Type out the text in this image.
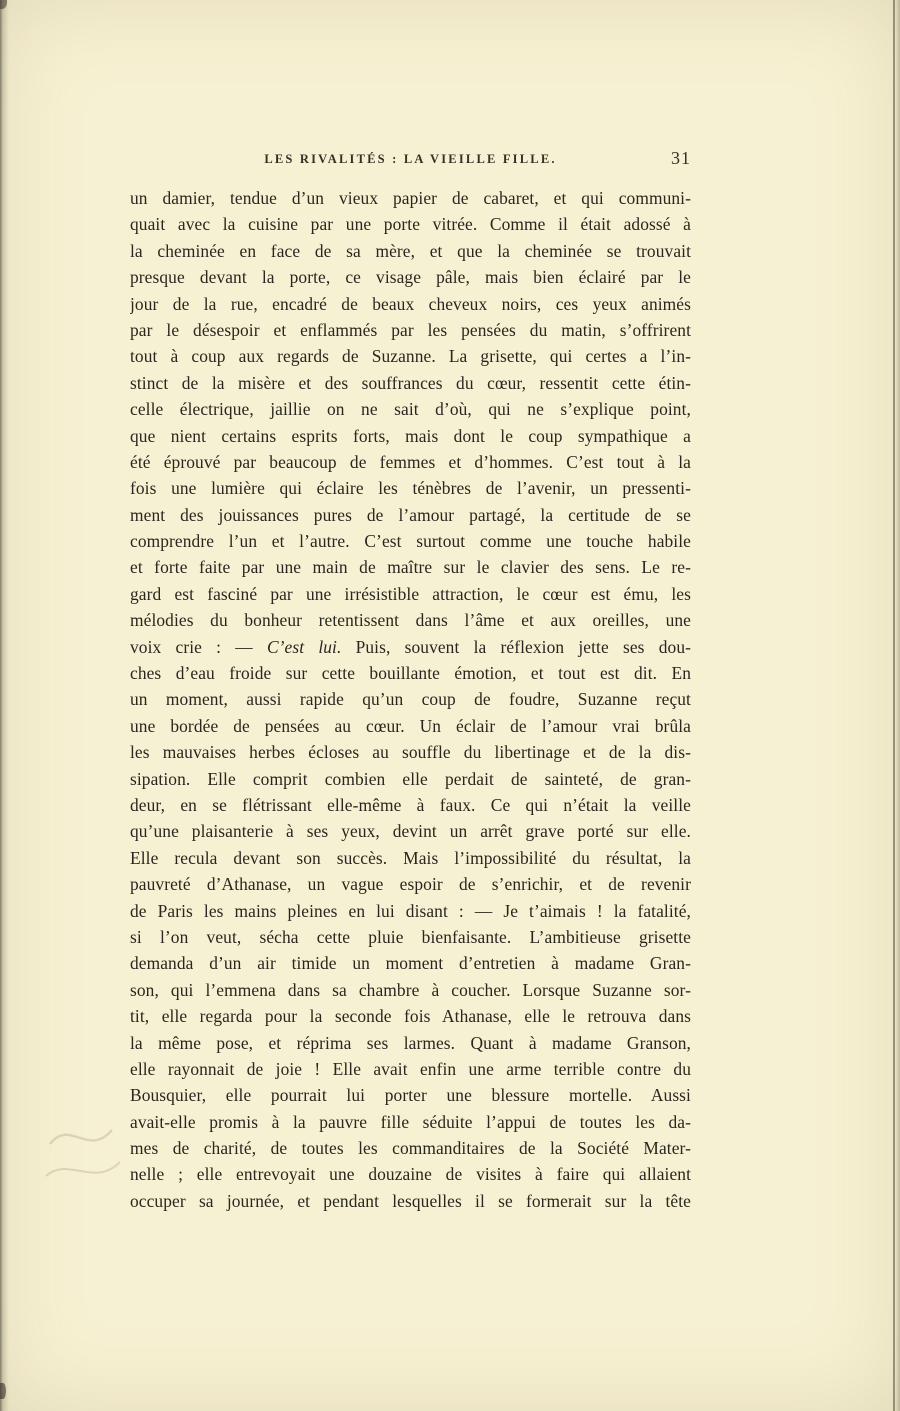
LES RIVALITÉS : LA VIEILLE FILLE.	31
un damier, tendue d’un vieux papier de cabaret, et qui communi-
quait avec la cuisine par une porte vitrée. Comme il était adossé à
la cheminée en face de sa mère, et que la cheminée se trouvait
presque devant la porte, ce visage pâle, mais bien éclairé par le
jour de la rue, encadré de beaux cheveux noirs, ces yeux animés
par le désespoir et enflammés par les pensées du matin, s’offrirent
tout à coup aux regards de Suzanne. La grisette, qui certes a l’in-
stinct de la misère et des souffrances du cœur, ressentit cette étin-
celle électrique, jaillie on ne sait d’où, qui ne s’explique point,
que nient certains esprits forts, mais dont le coup sympathique a
été éprouvé par beaucoup de femmes et d’hommes. C’est tout à la
fois une lumière qui éclaire les ténèbres de l’avenir, un pressenti-
ment des jouissances pures de l’amour partagé, la certitude de se
comprendre l’un et l’autre. C’est surtout comme une touche habile
et forte faite par une main de maître sur le clavier des sens. Le re-
gard est fasciné par une irrésistible attraction, le cœur est ému, les
mélodies du bonheur retentissent dans l’âme et aux oreilles, une
voix crie : — C’est lui. Puis, souvent la réflexion jette ses dou-
ches d’eau froide sur cette bouillante émotion, et tout est dit. En
un moment, aussi rapide qu’un coup de foudre, Suzanne reçut
une bordée de pensées au cœur. Un éclair de l’amour vrai brûla
les mauvaises herbes écloses au souffle du libertinage et de la dis-
sipation. Elle comprit combien elle perdait de sainteté, de gran-
deur, en se flétrissant elle-même à faux. Ce qui n’était la veille
qu’une plaisanterie à ses yeux, devint un arrêt grave porté sur elle.
Elle recula devant son succès. Mais l’impossibilité du résultat, la
pauvreté d’Athanase, un vague espoir de s’enrichir, et de revenir
de Paris les mains pleines en lui disant : — Je t’aimais ! la fatalité,
si l’on veut, sécha cette pluie bienfaisante. L’ambitieuse grisette
demanda d’un air timide un moment d’entretien à madame Gran-
son, qui l’emmena dans sa chambre à coucher. Lorsque Suzanne sor-
tit, elle regarda pour la seconde fois Athanase, elle le retrouva dans
la même pose, et réprima ses larmes. Quant à madame Granson,
elle rayonnait de joie ! Elle avait enfin une arme terrible contre du
Bousquier, elle pourrait lui porter une blessure mortelle. Aussi
avait-elle promis à la pauvre fille séduite l’appui de toutes les da-
mes de charité, de toutes les commanditaires de la Société Mater-
nelle ; elle entrevoyait une douzaine de visites à faire qui allaient
occuper sa journée, et pendant lesquelles il se formerait sur la tête
